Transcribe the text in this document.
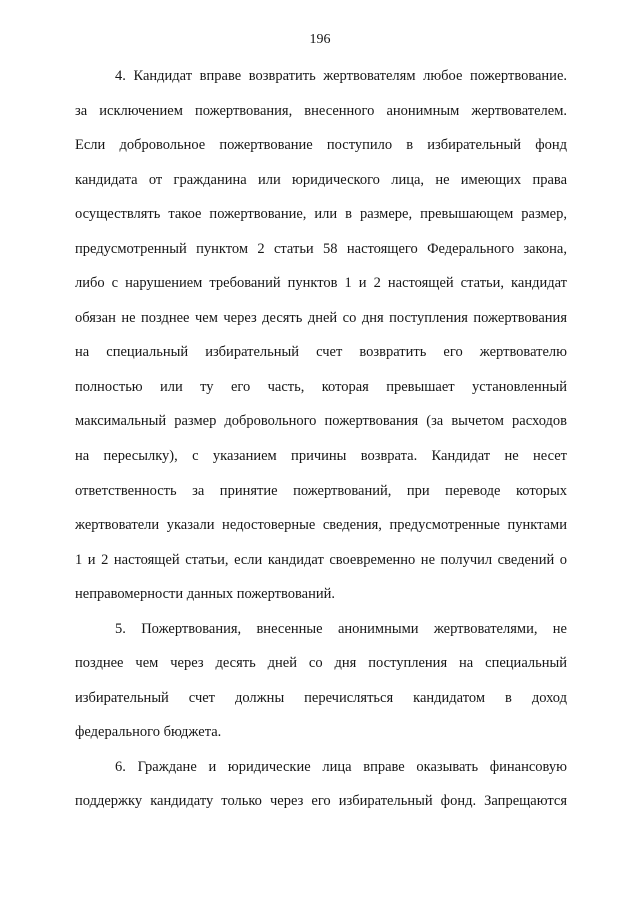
196
4. Кандидат вправе возвратить жертвователям любое пожертвование.
за исключением пожертвования, внесенного анонимным жертвователем.
Если добровольное пожертвование поступило в избирательный фонд
кандидата от гражданина или юридического лица, не имеющих права
осуществлять такое пожертвование, или в размере, превышающем размер,
предусмотренный пунктом 2 статьи 58 настоящего Федерального закона,
либо с нарушением требований пунктов 1 и 2 настоящей статьи, кандидат
обязан не позднее чем через десять дней со дня поступления пожертвования
на специальный избирательный счет возвратить его жертвователю
полностью или ту его часть, которая превышает установленный
максимальный размер добровольного пожертвования (за вычетом расходов
на пересылку), с указанием причины возврата. Кандидат не несет
ответственность за принятие пожертвований, при переводе которых
жертвователи указали недостоверные сведения, предусмотренные пунктами
1 и 2 настоящей статьи, если кандидат своевременно не получил сведений о
неправомерности данных пожертвований.
5. Пожертвования, внесенные анонимными жертвователями, не
позднее чем через десять дней со дня поступления на специальный
избирательный счет должны перечисляться кандидатом в доход
федерального бюджета.
6. Граждане и юридические лица вправе оказывать финансовую
поддержку кандидату только через его избирательный фонд. Запрещаются
